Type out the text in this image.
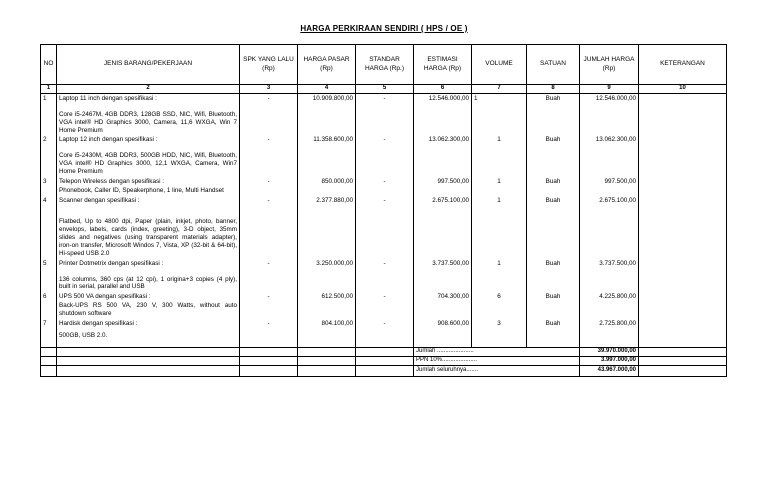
HARGA PERKIRAAN SENDIRI ( HPS / OE )
NO	JENIS BARANG/PEKERJAAN	SPK YANG LALU (Rp)	HARGA PASAR (Rp)	STANDAR HARGA (Rp.)	ESTIMASI HARGA (Rp)	VOLUME	SATUAN	JUMLAH HARGA (Rp)	KETERANGAN
1	2	3	4	5	6	7	8	9	10
1	Laptop 11 inch dengan spesifikasi :
Core i5-2467M, 4GB DDR3, 128GB SSD, NIC, Wifi, Bluetooth, VGA intel® HD Graphics 3000, Camera, 11,6 WXGA, Win 7 Home Premium	-	10.909.800,00	-	12.546.000,00	1	Buah	12.546.000,00	
2	Laptop 12 inch dengan spesifikasi :
Core i5-2430M, 4GB DDR3, 500GB HDD, NIC, Wifi, Bluetooth, VGA intel® HD Graphics 3000, 12,1 WXGA, Camera, Win7 Home Premium	-	11.358.600,00	-	13.062.300,00	1	Buah	13.062.300,00	
3	Telepon Wireless dengan spesifikasi :
Phonebook, Caller ID, Speakerphone, 1 line, Multi Handset	-	850.000,00	-	997.500,00	1	Buah	997.500,00	
4	Scanner dengan spesifikasi :
Flatbed, Up to 4800 dpi, Paper (plain, inkjet, photo, banner, envelops, labels, cards (index, greeting), 3-D object, 35mm slides and negatives (using transparent materials adapter), iron-on transfer, Microsoft Windos 7, Vista, XP (32-bit & 64-bit), Hi-speed USB 2.0	-	2.377.880,00	-	2.675.100,00	1	Buah	2.675.100,00	
5	Printer Dotmetrix dengan spesifikasi :
136 columns, 360 cps (at 12 cpi), 1 origina+3 copies (4 ply), built in serial, parallel and USB	-	3.250.000,00	-	3.737.500,00	1	Buah	3.737.500,00	
6	UPS 500 VA dengan spesifikasi :
Back-UPS RS 500 VA, 230 V, 300 Watts, without auto shutdown software	-	612.500,00	-	704.300,00	6	Buah	4.225.800,00	
7	Hardisk dengan spesifikasi :
500GB, USB 2.0.	-	804.100,00	-	908.600,00	3	Buah	2.725.800,00	

					Jumlah ......................			39.970.000,00	
					PPN 10%.....................			3.997.000,00	
					Jumlah seluruhnya.......			43.967.000,00	
